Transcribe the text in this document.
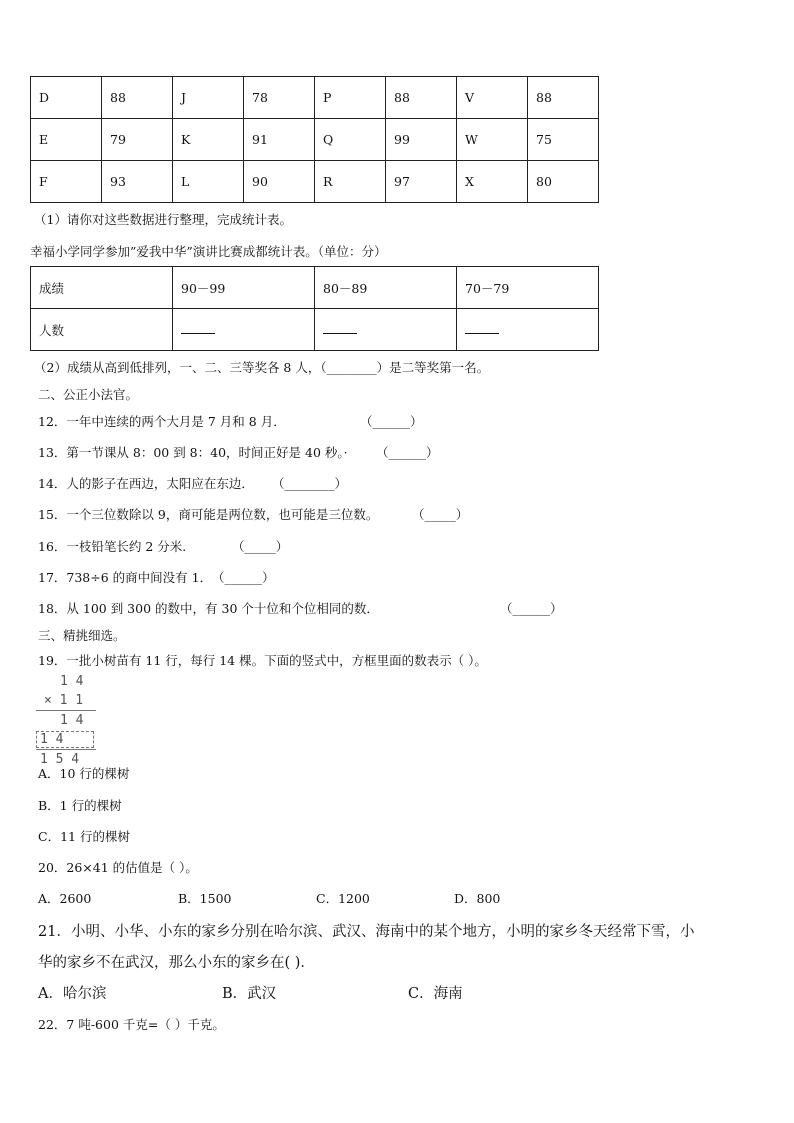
D	88	J	78	P	88	V	88
E	79	K	91	Q	99	W	75
F	93	L	90	R	97	X	80
（1）请你对这些数据进行整理，完成统计表。
幸福小学同学参加”爱我中华”演讲比赛成都统计表。（单位：分）
成绩	90－99	80－89	70－79
人数			
（2）成绩从高到低排列，一、二、三等奖各 8 人，（________）是二等奖第一名。
二、公正小法官。
12．一年中连续的两个大月是 7 月和 8 月．	（______）
13．第一节课从 8：00 到 8：40，时间正好是 40 秒。· （______）
14．人的影子在西边，太阳应在东边． （________）
15．一个三位数除以 9，商可能是两位数，也可能是三位数。	（_____）
16．一枝铅笔长约 2 分米.	（_____）
17．738÷6 的商中间没有 1． （______）
18．从 100 到 300 的数中，有 30 个十位和个位相同的数．	（______）
三、精挑细选。
19．一批小树苗有 11 行，每行 14 棵。下面的竖式中，方框里面的数表示（ ）。
1 4
× 1 1
1 4
1 4
1 5 4
A．10 行的棵树
B．1 行的棵树
C．11 行的棵树
20．26×41 的估值是（ ）。
A．2600	B．1500	C．1200	D．800
21．小明、小华、小东的家乡分别在哈尔滨、武汉、海南中的某个地方，小明的家乡冬天经常下雪，小
华的家乡不在武汉，那么小东的家乡在( )．
A．哈尔滨	B．武汉	C．海南
22．7 吨-600 千克=（ ）千克。
